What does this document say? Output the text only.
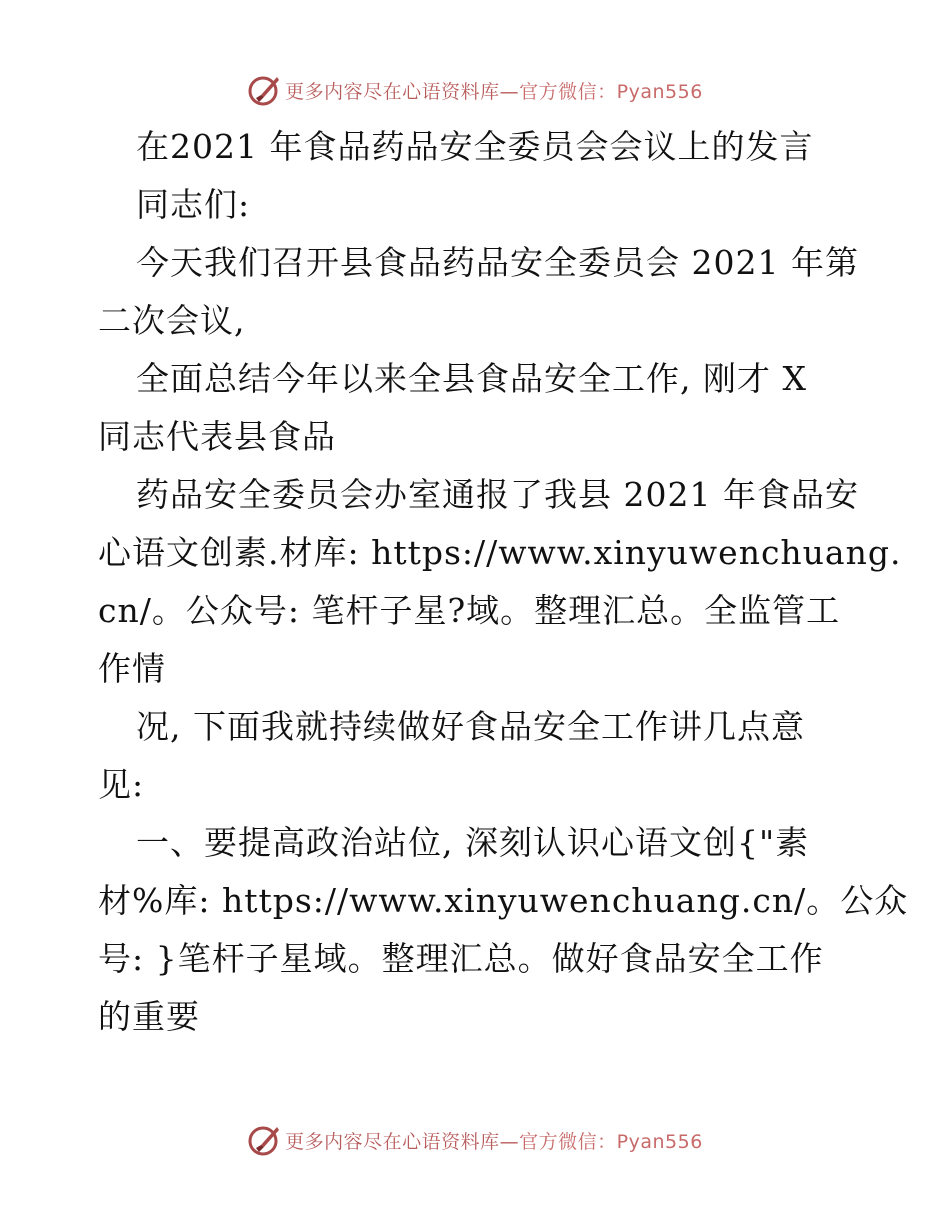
更多内容尽在心语资料库—官方微信：Pyan556
在2021 年食品药品安全委员会会议上的发言
同志们:
今天我们召开县食品药品安全委员会 2021 年第
二次会议,
全面总结今年以来全县食品安全工作, 刚才 X
同志代表县食品
药品安全委员会办室通报了我县 2021 年食品安
心语文创素.材库: https://www.xinyuwenchuang.
cn/。公众号: 笔杆子星?域。整理汇总。全监管工
作情
况, 下面我就持续做好食品安全工作讲几点意
见:
一、要提高政治站位, 深刻认识心语文创{"素
材%库: https://www.xinyuwenchuang.cn/。公众
号: }笔杆子星域。整理汇总。做好食品安全工作
的重要
更多内容尽在心语资料库—官方微信：Pyan556
